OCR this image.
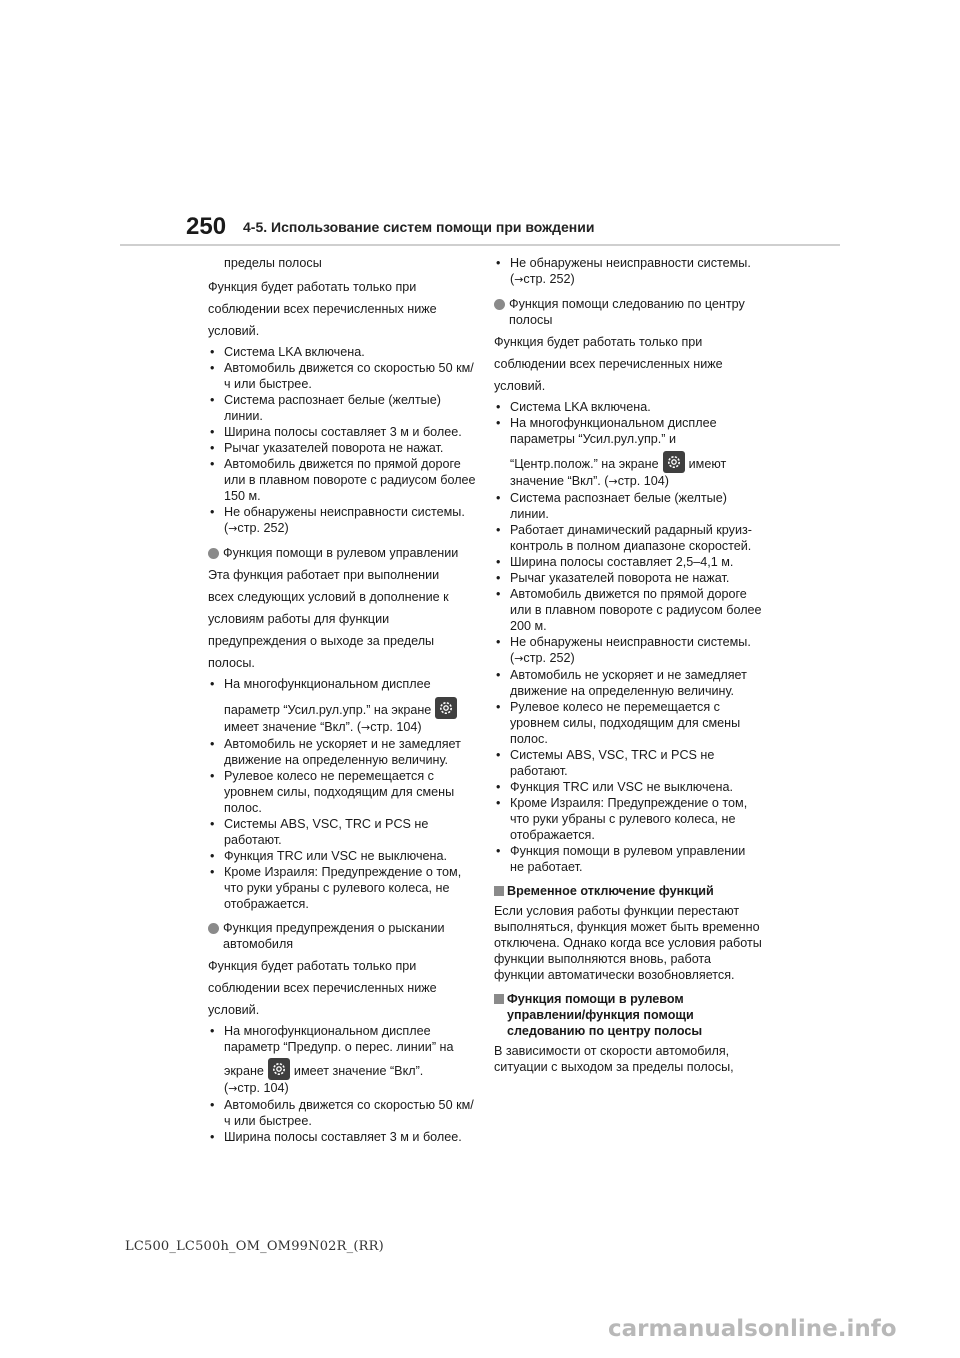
250 4-5. Использование систем помощи при вождении

пределы полосы

Функция будет работать только при

соблюдении всех перечисленных ниже

условий.

• Система LKA включена.
• Автомобиль движется со скоростью 50 км/ч или быстрее.
• Система распознает белые (желтые) линии.
• Ширина полосы составляет 3 м и более.
• Рычаг указателей поворота не нажат.
• Автомобиль движется по прямой дороге или в плавном повороте с радиусом более 150 м.
• Не обнаружены неисправности системы. (→стр. 252)
Функция помощи в рулевом управлении

Эта функция работает при выполнении

всех следующих условий в дополнение к

условиям работы для функции

предупреждения о выходе за пределы

полосы.

• На многофункциональном дисплее
параметр “Усил.рул.упр.” на экране
имеет значение “Вкл”. (→стр. 104)
• Автомобиль не ускоряет и не замедляет движение на определенную величину.
• Рулевое колесо не перемещается с уровнем силы, подходящим для смены полос.
• Системы ABS, VSC, TRC и PCS не работают.
• Функция TRC или VSC не выключена.
• Кроме Израиля: Предупреждение о том, что руки убраны с рулевого колеса, не отображается.
Функция предупреждения о рыскании автомобиля

Функция будет работать только при

соблюдении всех перечисленных ниже

условий.

• На многофункциональном дисплее параметр “Предупр. о перес. линии” на
экране имеет значение “Вкл”.
(→стр. 104)
• Автомобиль движется со скоростью 50 км/ч или быстрее.
• Ширина полосы составляет 3 м и более.
• Не обнаружены неисправности системы. (→стр. 252)
Функция помощи следованию по центру полосы

Функция будет работать только при

соблюдении всех перечисленных ниже

условий.

• Система LKA включена.
• На многофункциональном дисплее параметры “Усил.рул.упр.” и
“Центр.полож.” на экране имеют
значение “Вкл”. (→стр. 104)
• Система распознает белые (желтые) линии.
• Работает динамический радарный круиз-контроль в полном диапазоне скоростей.
• Ширина полосы составляет 2,5–4,1 м.
• Рычаг указателей поворота не нажат.
• Автомобиль движется по прямой дороге или в плавном повороте с радиусом более 200 м.
• Не обнаружены неисправности системы. (→стр. 252)
• Автомобиль не ускоряет и не замедляет движение на определенную величину.
• Рулевое колесо не перемещается с уровнем силы, подходящим для смены полос.
• Системы ABS, VSC, TRC и PCS не работают.
• Функция TRC или VSC не выключена.
• Кроме Израиля: Предупреждение о том, что руки убраны с рулевого колеса, не отображается.
• Функция помощи в рулевом управлении не работает.
Временное отключение функций

Если условия работы функции перестают выполняться, функция может быть временно отключена. Однако когда все условия работы функции выполняются вновь, работа функции автоматически возобновляется.

Функция помощи в рулевом управлении/функция помощи следованию по центру полосы

В зависимости от скорости автомобиля, ситуации с выходом за пределы полосы,

LC500_LC500h_OM_OM99N02R_(RR)
carmanualsonline.info
